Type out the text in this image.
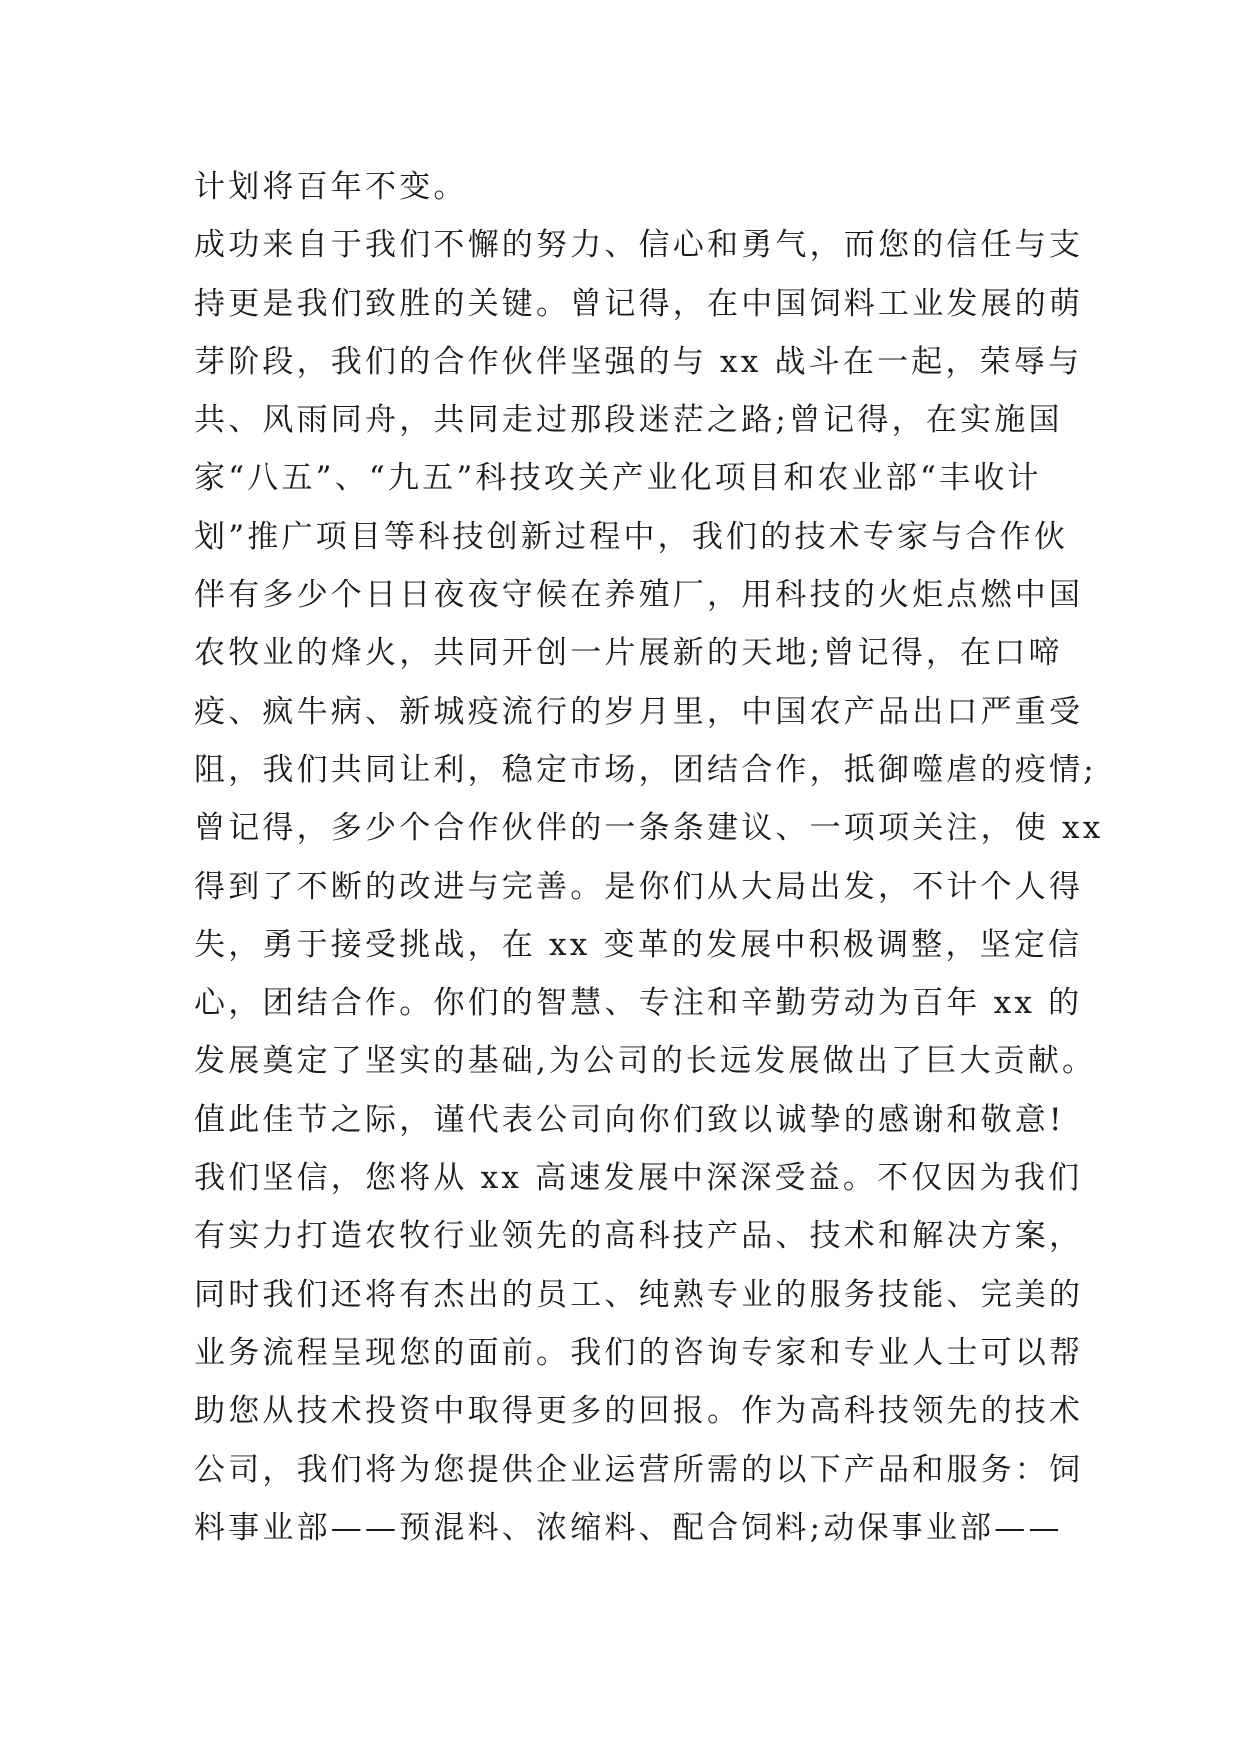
计划将百年不变。
成功来自于我们不懈的努力、信心和勇气，而您的信任与支
持更是我们致胜的关键。曾记得，在中国饲料工业发展的萌
芽阶段，我们的合作伙伴坚强的与 xx 战斗在一起，荣辱与
共、风雨同舟，共同走过那段迷茫之路;曾记得，在实施国
家“八五”、“九五”科技攻关产业化项目和农业部“丰收计
划”推广项目等科技创新过程中，我们的技术专家与合作伙
伴有多少个日日夜夜守候在养殖厂，用科技的火炬点燃中国
农牧业的烽火，共同开创一片展新的天地;曾记得，在口啼
疫、疯牛病、新城疫流行的岁月里，中国农产品出口严重受
阻，我们共同让利，稳定市场，团结合作，抵御噬虐的疫情;
曾记得，多少个合作伙伴的一条条建议、一项项关注，使 xx
得到了不断的改进与完善。是你们从大局出发，不计个人得
失，勇于接受挑战，在 xx 变革的发展中积极调整，坚定信
心，团结合作。你们的智慧、专注和辛勤劳动为百年 xx 的
发展奠定了坚实的基础,为公司的长远发展做出了巨大贡献。
值此佳节之际，谨代表公司向你们致以诚挚的感谢和敬意!
我们坚信，您将从 xx 高速发展中深深受益。不仅因为我们
有实力打造农牧行业领先的高科技产品、技术和解决方案，
同时我们还将有杰出的员工、纯熟专业的服务技能、完美的
业务流程呈现您的面前。我们的咨询专家和专业人士可以帮
助您从技术投资中取得更多的回报。作为高科技领先的技术
公司，我们将为您提供企业运营所需的以下产品和服务：饲
料事业部——预混料、浓缩料、配合饲料;动保事业部——
